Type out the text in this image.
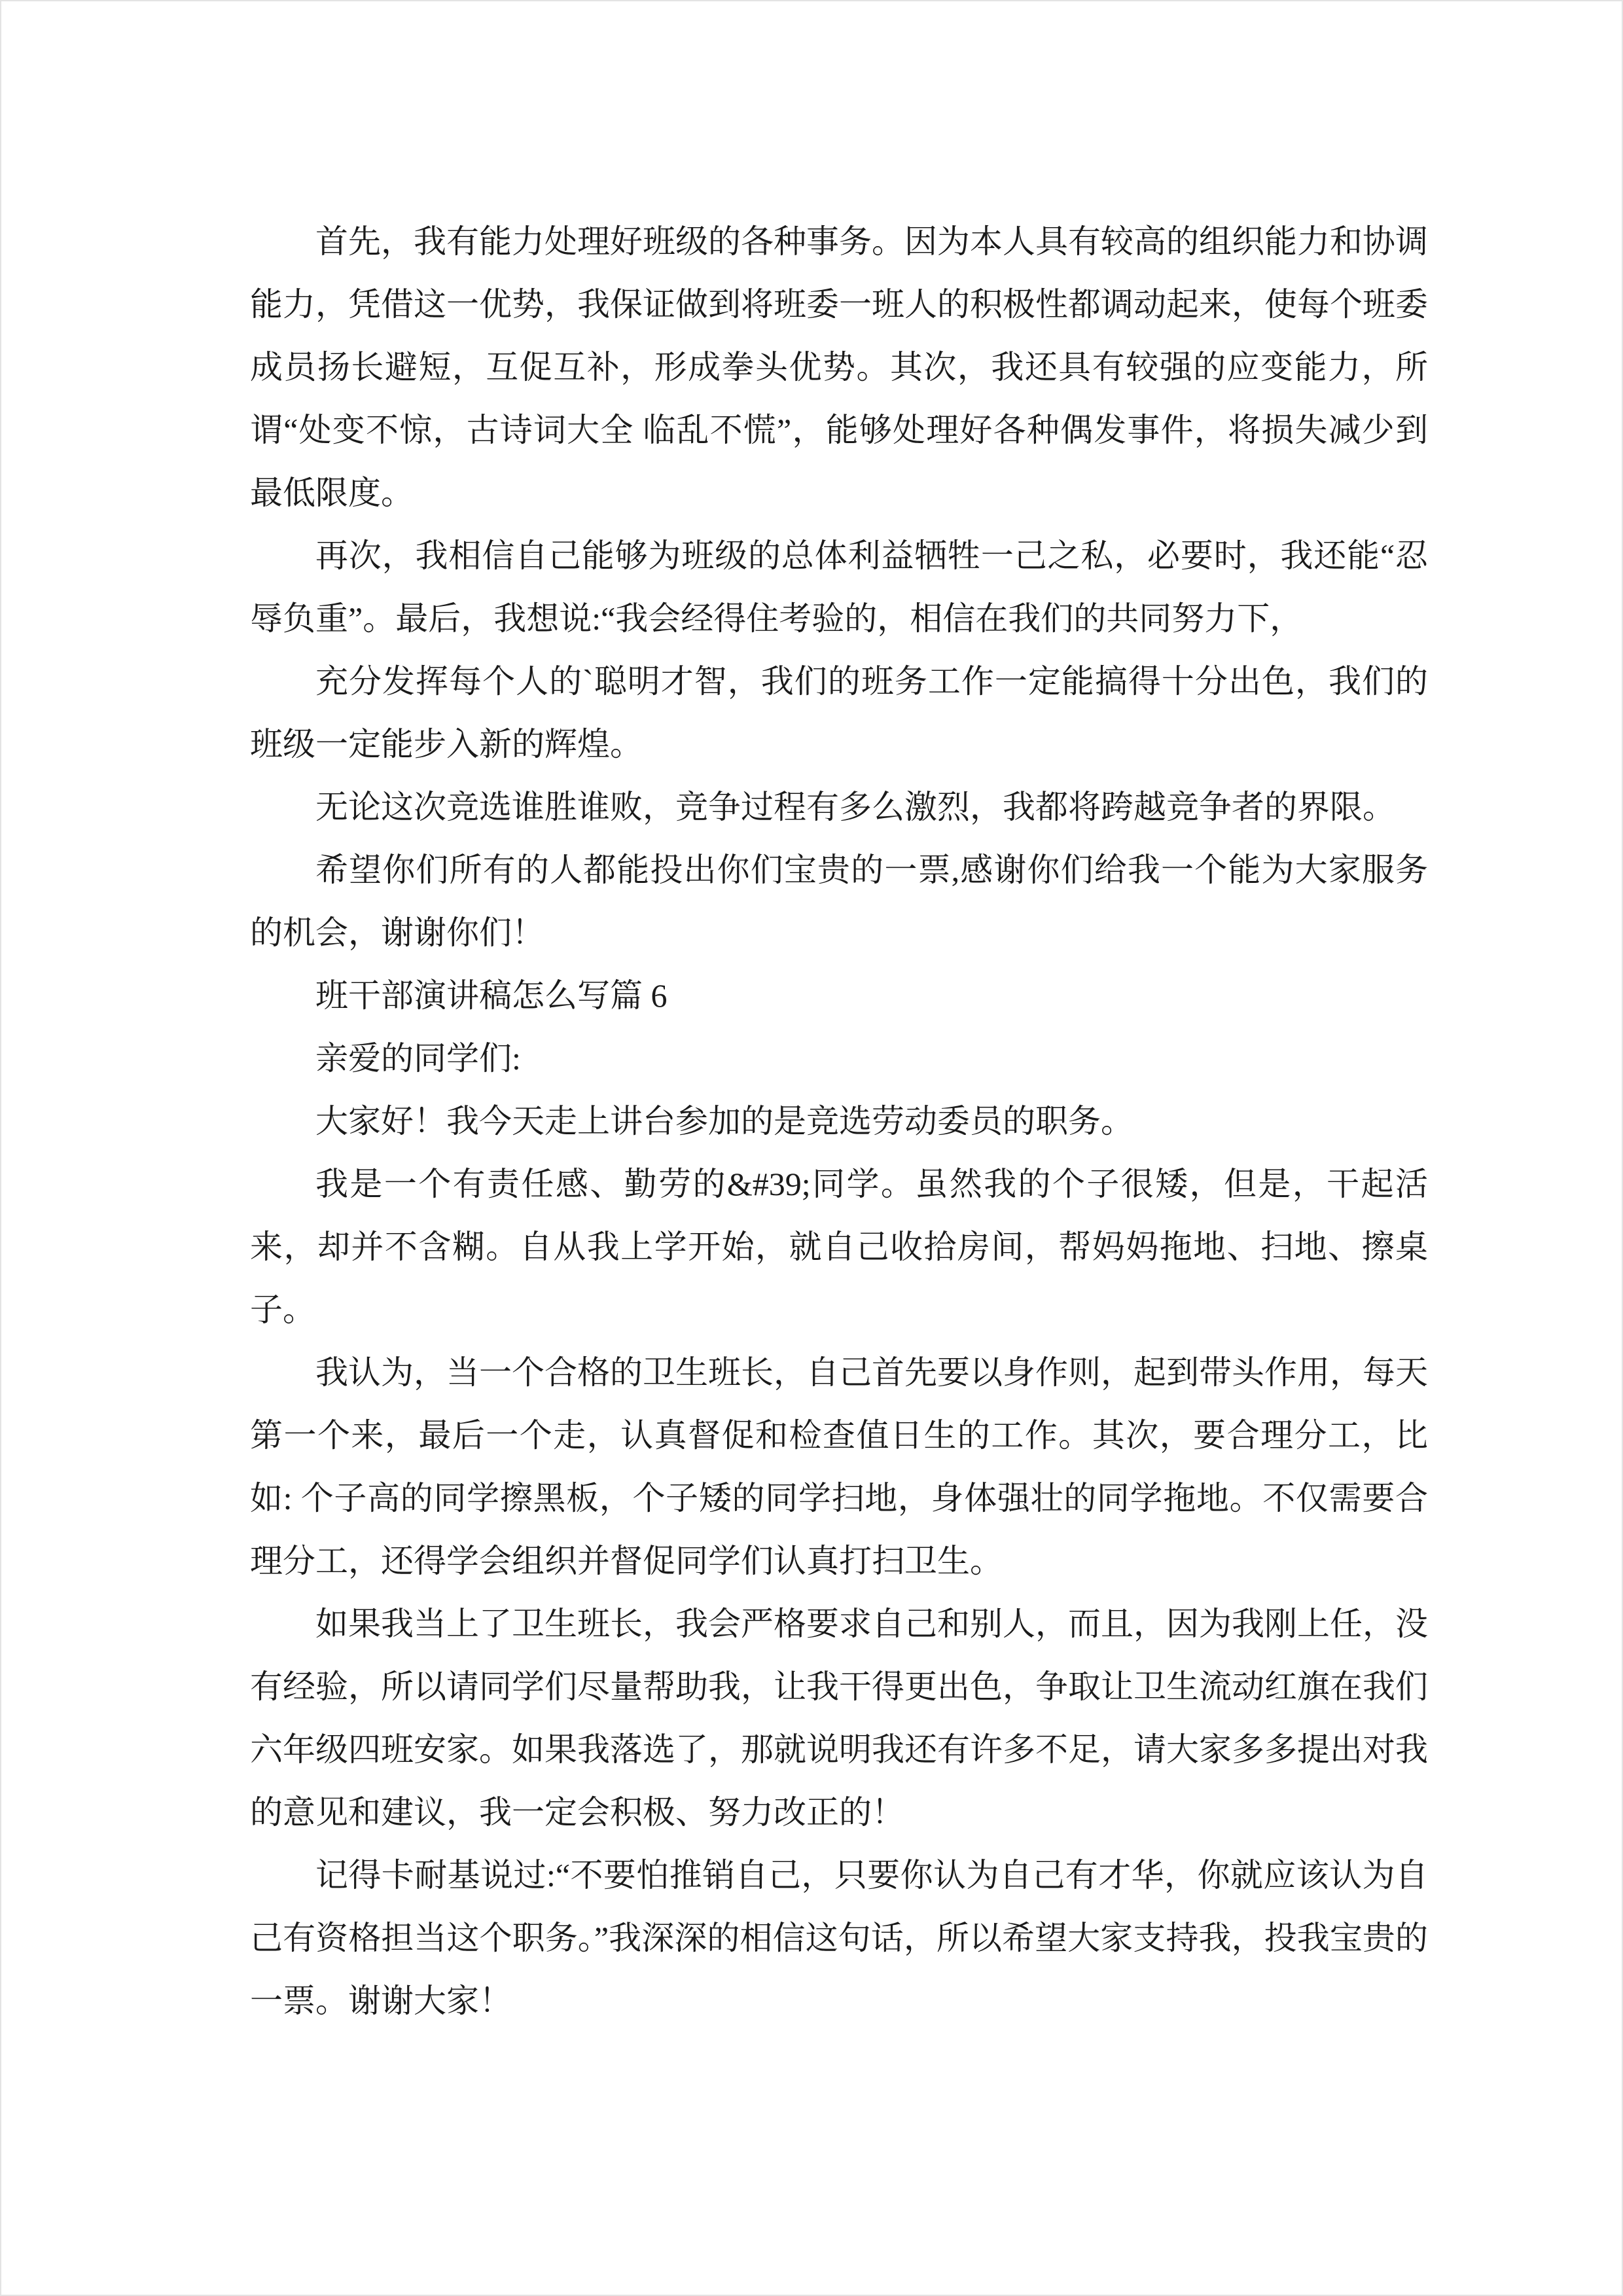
首先，我有能力处理好班级的各种事务。因为本人具有较高的组织能力和协调能力，凭借这一优势，我保证做到将班委一班人的积极性都调动起来，使每个班委成员扬长避短，互促互补，形成拳头优势。其次，我还具有较强的应变能力，所谓“处变不惊，古诗词大全 临乱不慌”，能够处理好各种偶发事件，将损失减少到最低限度。

再次，我相信自己能够为班级的总体利益牺牲一己之私，必要时，我还能“忍辱负重”。最后，我想说:“我会经得住考验的，相信在我们的共同努力下，

充分发挥每个人的`聪明才智，我们的班务工作一定能搞得十分出色，我们的班级一定能步入新的辉煌。

无论这次竞选谁胜谁败，竞争过程有多么激烈，我都将跨越竞争者的界限。

希望你们所有的人都能投出你们宝贵的一票,感谢你们给我一个能为大家服务的机会，谢谢你们！

班干部演讲稿怎么写篇 6

亲爱的同学们:

大家好！我今天走上讲台参加的是竞选劳动委员的职务。

我是一个有责任感、勤劳的&#39;同学。虽然我的个子很矮，但是，干起活来，却并不含糊。自从我上学开始，就自己收拾房间，帮妈妈拖地、扫地、擦桌子。

我认为，当一个合格的卫生班长，自己首先要以身作则，起到带头作用，每天第一个来，最后一个走，认真督促和检查值日生的工作。其次，要合理分工，比如: 个子高的同学擦黑板，个子矮的同学扫地，身体强壮的同学拖地。不仅需要合理分工，还得学会组织并督促同学们认真打扫卫生。

如果我当上了卫生班长，我会严格要求自己和别人，而且，因为我刚上任，没有经验，所以请同学们尽量帮助我，让我干得更出色，争取让卫生流动红旗在我们六年级四班安家。如果我落选了，那就说明我还有许多不足，请大家多多提出对我的意见和建议，我一定会积极、努力改正的！

记得卡耐基说过:“不要怕推销自己，只要你认为自己有才华，你就应该认为自己有资格担当这个职务。”我深深的相信这句话，所以希望大家支持我，投我宝贵的一票。谢谢大家！
